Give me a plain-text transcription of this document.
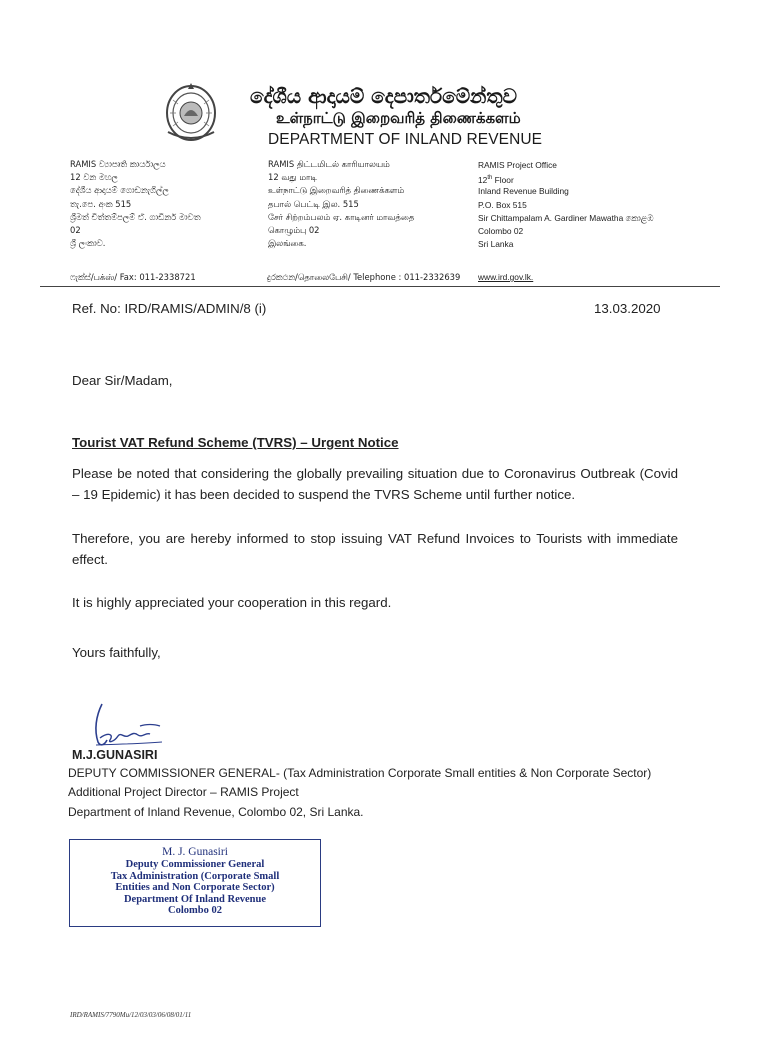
දේශීය ආදායම් දෙපාර්තමේන්තුව
உள்நாட்டு இறைவரித் திணைக்களம்
DEPARTMENT OF INLAND REVENUE
RAMIS ව්‍යාපෘති කාර්යාලය
12 වන මහල
දේශීය ආදායම් ගොඩනැගිල්ල
තැ.පෙ. අංක 515
ශ්‍රීමත් චිත්තම්පලම් ඒ. ගාඩිනර් මාවත
02
ශ්‍රී ලංකාව.
RAMIS திட்டமிடல் காரியாலயம்
12 வது மாடி
உள்நாட்டு இறைவரித் திணைக்களம்
தபால் பெட்டி இல. 515
சேர் சிற்றம்பலம் ஏ. காடினர் மாவத்தை
கொழும்பு 02
இலங்கை.
RAMIS Project Office
12th Floor
Inland Revenue Building
P.O. Box 515
Sir Chittampalam A. Gardiner Mawatha කොළඹ
Colombo 02
Sri Lanka
ෆැක්ස්/பக்ஸ்/ Fax: 011-2338721	දුරකථන/தொலைபேசி/ Telephone : 011-2332639 www.ird.gov.lk.
Ref. No: IRD/RAMIS/ADMIN/8 (i)	13.03.2020
Dear Sir/Madam,
Tourist VAT Refund Scheme (TVRS) – Urgent Notice
Please be noted that considering the globally prevailing situation due to Coronavirus Outbreak (Covid – 19 Epidemic) it has been decided to suspend the TVRS Scheme until further notice.
Therefore, you are hereby informed to stop issuing VAT Refund Invoices to Tourists with immediate effect.
It is highly appreciated your cooperation in this regard.
Yours faithfully,
M.J.GUNASIRI
DEPUTY COMMISSIONER GENERAL- (Tax Administration Corporate Small entities & Non Corporate Sector)
Additional Project Director – RAMIS Project
Department of Inland Revenue, Colombo 02, Sri Lanka.
M. J. Gunasiri
Deputy Commissioner General
Tax Administration (Corporate Small
Entities and Non Corporate Sector)
Department Of Inland Revenue
Colombo 02
IRD/RAMIS/7790Mu/12/03/03/06/08/01/11
